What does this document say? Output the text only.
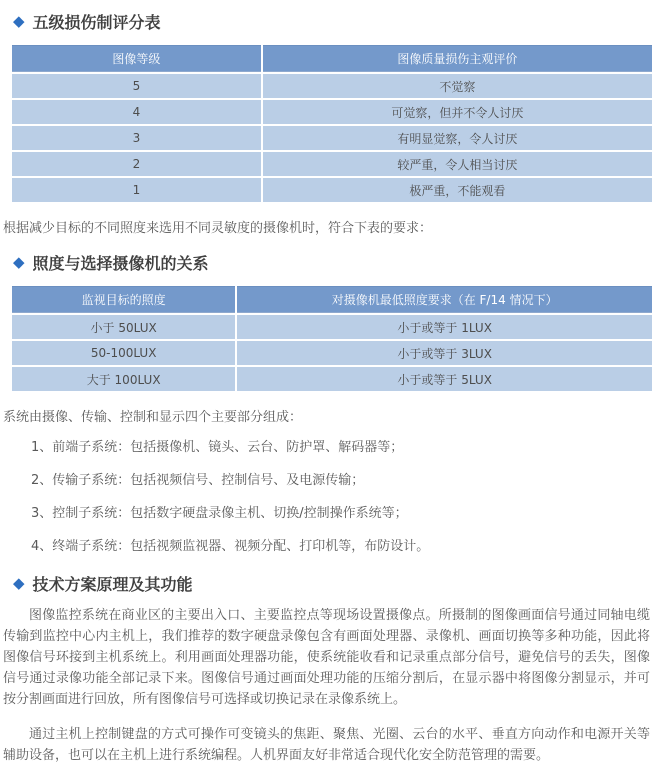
◆ 五级损伤制评分表
图像等级	图像质量损伤主观评价
5	不觉察
4	可觉察，但并不令人讨厌
3	有明显觉察，令人讨厌
2	较严重，令人相当讨厌
1	极严重，不能观看

根据减少目标的不同照度来选用不同灵敏度的摄像机时，符合下表的要求：

◆ 照度与选择摄像机的关系
监视目标的照度	对摄像机最低照度要求（在 F/14 情况下）
小于 50LUX	小于或等于 1LUX
50-100LUX	小于或等于 3LUX
大于 100LUX	小于或等于 5LUX

系统由摄像、传输、控制和显示四个主要部分组成：

1、前端子系统：包括摄像机、镜头、云台、防护罩、解码器等；

2、传输子系统：包括视频信号、控制信号、及电源传输；

3、控制子系统：包括数字硬盘录像主机、切换/控制操作系统等；

4、终端子系统：包括视频监视器、视频分配、打印机等，布防设计。

◆ 技术方案原理及其功能

图像监控系统在商业区的主要出入口、主要监控点等现场设置摄像点。所摄制的图像画面信号通过同轴电缆传输到监控中心内主机上，我们推荐的数字硬盘录像包含有画面处理器、录像机、画面切换等多种功能，因此将图像信号环接到主机系统上。利用画面处理器功能，使系统能收看和记录重点部分信号，避免信号的丢失，图像信号通过录像功能全部记录下来。图像信号通过画面处理功能的压缩分割后，在显示器中将图像分割显示，并可按分割画面进行回放，所有图像信号可选择或切换记录在录像系统上。

通过主机上控制键盘的方式可操作可变镜头的焦距、聚焦、光圈、云台的水平、垂直方向动作和电源开关等辅助设备，也可以在主机上进行系统编程。人机界面友好非常适合现代化安全防范管理的需要。
